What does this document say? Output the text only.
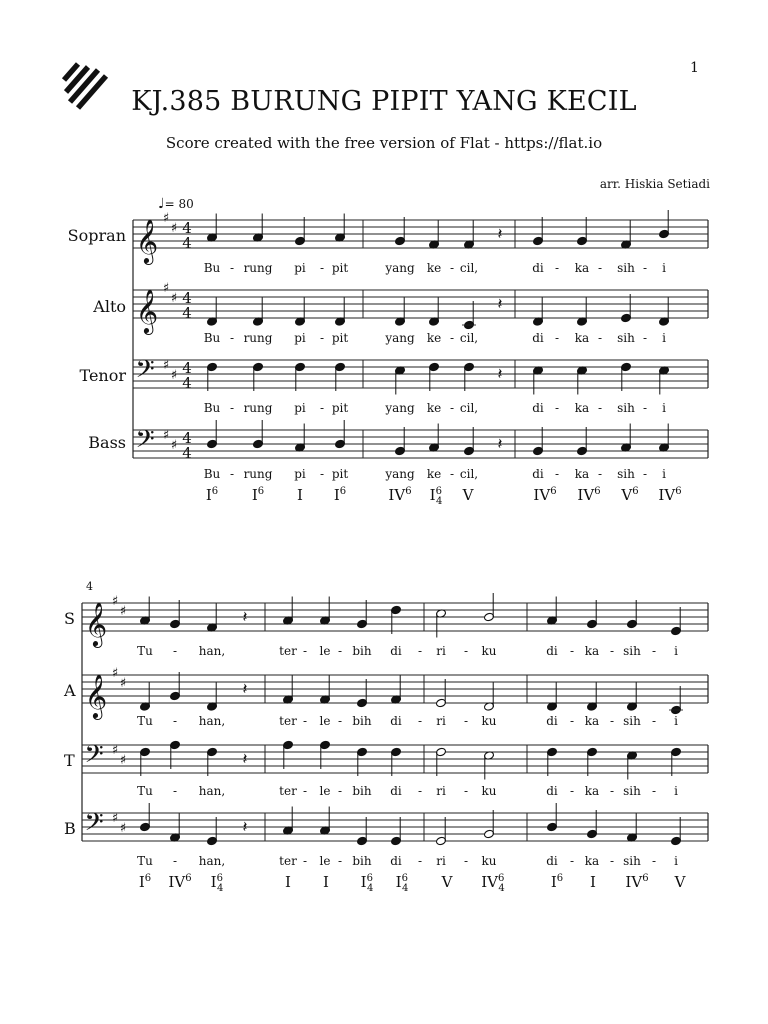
1
KJ.385 BURUNG PIPIT YANG KECIL
Score created with the free version of Flat - https://flat.io
arr. Hiskia Setiadi
♩= 80
Sopran
Alto
Tenor
Bass
S
A
T
B
4
𝄞
♯
♯ 4
4	𝄽
Bu - rung pi - pit	yang ke - cil,	di - ka - sih - i
𝄞
♯
♯ 4
4	𝄽
Bu - rung pi - pit	yang ke - cil,	di - ka - sih - i
𝄢 ♯
♯ 4
4	𝄽
Bu - rung pi - pit	yang ke - cil,	di - ka - sih - i
𝄢 ♯
♯ 4
4	𝄽
Bu - rung pi - pit	yang ke - cil,	di - ka - sih - i
$I^6$ $I^6$ I $I^6$	$IV^6$ $I^6$ 4 V	$IV^6$ $IV^6$ $V^6$ $IV^6$
𝄞
♯
♯	𝄽
Tu - han,	ter - le - bih di - ri - ku	di - ka - sih - i
𝄞
♯
♯	𝄽
Tu - han,	ter - le - bih di - ri - ku	di - ka - sih - i
𝄢 ♯
♯	𝄽
Tu - han,	ter - le - bih di - ri - ku	di - ka - sih - i
𝄢 ♯
♯	𝄽
Tu - han,	ter - le - bih di - ri - ku	di - ka - sih - i
$I^6$ $IV^6$ $I^6$ 4	I I $I^6$ 4 $I^6$ 4 V $IV^6$ 4	$I^6$ I $IV^6$ V
